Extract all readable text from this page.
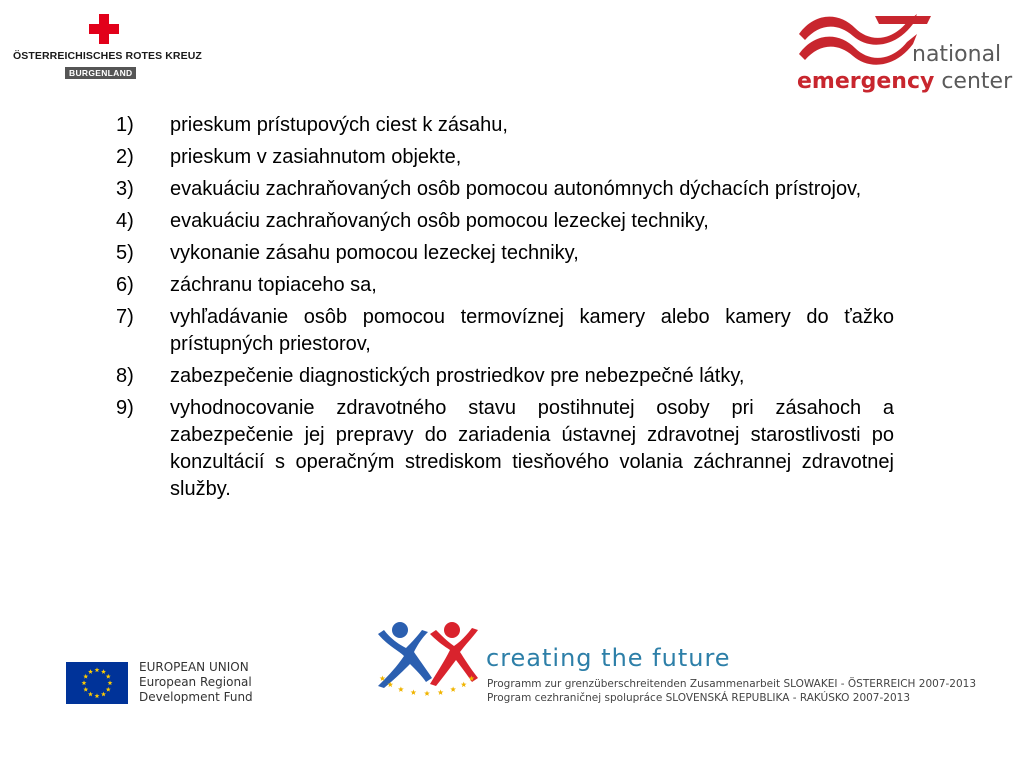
ÖSTERREICHISCHES ROTES KREUZ
BURGENLAND
national
emergency center
1)	prieskum prístupových ciest k zásahu,
2)	prieskum v zasiahnutom objekte,
3)	evakuáciu zachraňovaných osôb pomocou autonómnych dýchacích prístrojov,
4)	evakuáciu zachraňovaných osôb pomocou lezeckej techniky,
5)	vykonanie zásahu pomocou lezeckej techniky,
6)	záchranu topiaceho sa,
7)	vyhľadávanie osôb pomocou termovíznej kamery alebo kamery do ťažko prístupných priestorov,
8)	zabezpečenie diagnostických prostriedkov pre nebezpečné látky,
9)	vyhodnocovanie zdravotného stavu postihnutej osoby pri zásahoch a zabezpečenie jej prepravy do zariadenia ústavnej zdravotnej starostlivosti po konzultácií s operačným strediskom tiesňového volania záchrannej zdravotnej služby.
EUROPEAN UNION
European Regional
Development Fund
creating the future
Programm zur grenzüberschreitenden Zusammenarbeit SLOWAKEI - ÖSTERREICH 2007-2013
Program cezhraničnej spolupráce SLOVENSKÁ REPUBLIKA - RAKÚSKO 2007-2013
